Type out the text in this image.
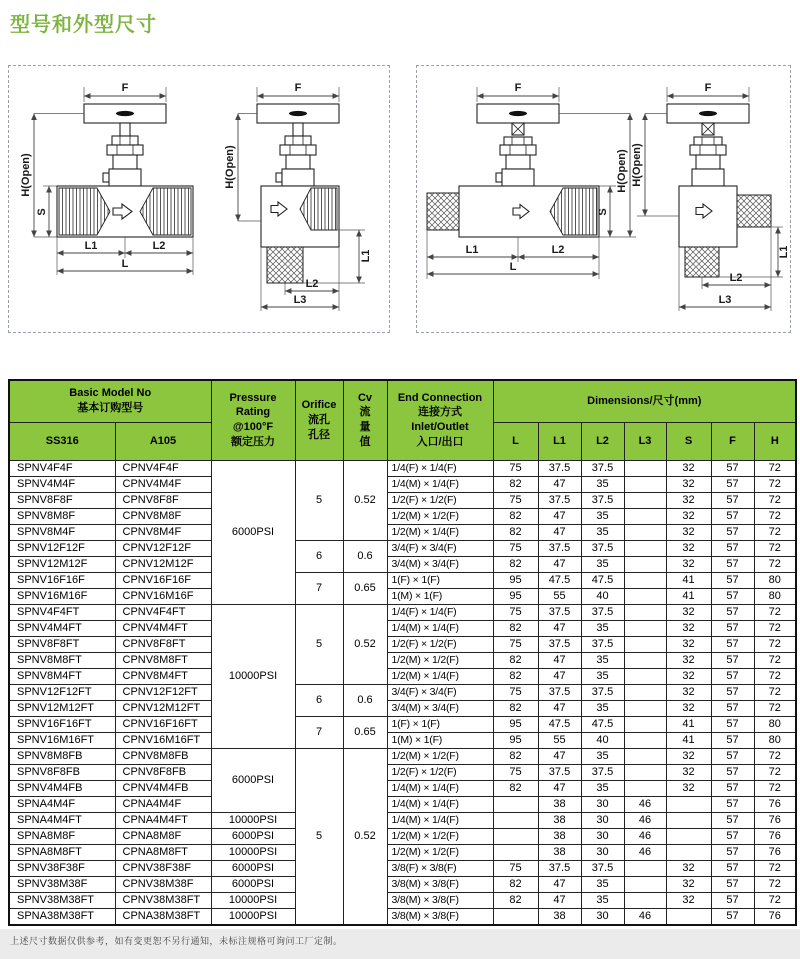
型号和外型尺寸
F
H(Open)
S
L1	L2
L
F
H(Open)
L1
L2
L3
F
S
H(Open)
L1	L2
L
F
H(Open)
L1
L2
L3
Basic Model No
基本订购型号

Pressure
Rating
@100°F
额定压力

Orifice
流孔
孔径

Cv
流
量
值

End Connection
连接方式
Inlet/Outlet
入口/出口
	Dimensions/尺寸(mm)
SS316	A105					L	L1	L2	L3	S	F	H
SPNV4F4F	CPNV4F4F	6000PSI	5	0.52	1/4(F) × 1/4(F)	75	37.5	37.5		32	57	72
SPNV4M4F	CPNV4M4F				1/4(M) × 1/4(F)	82	47	35		32	57	72
SPNV8F8F	CPNV8F8F				1/2(F) × 1/2(F)	75	37.5	37.5		32	57	72
SPNV8M8F	CPNV8M8F				1/2(M) × 1/2(F)	82	47	35		32	57	72
SPNV8M4F	CPNV8M4F				1/2(M) × 1/4(F)	82	47	35		32	57	72
SPNV12F12F	CPNV12F12F		6	0.6	3/4(F) × 3/4(F)	75	37.5	37.5		32	57	72
SPNV12M12F	CPNV12M12F				3/4(M) × 3/4(F)	82	47	35		32	57	72
SPNV16F16F	CPNV16F16F		7	0.65	1(F) × 1(F)	95	47.5	47.5		41	57	80
SPNV16M16F	CPNV16M16F				1(M) × 1(F)	95	55	40		41	57	80
SPNV4F4FT	CPNV4F4FT	10000PSI	5	0.52	1/4(F) × 1/4(F)	75	37.5	37.5		32	57	72
SPNV4M4FT	CPNV4M4FT				1/4(M) × 1/4(F)	82	47	35		32	57	72
SPNV8F8FT	CPNV8F8FT				1/2(F) × 1/2(F)	75	37.5	37.5		32	57	72
SPNV8M8FT	CPNV8M8FT				1/2(M) × 1/2(F)	82	47	35		32	57	72
SPNV8M4FT	CPNV8M4FT				1/2(M) × 1/4(F)	82	47	35		32	57	72
SPNV12F12FT	CPNV12F12FT		6	0.6	3/4(F) × 3/4(F)	75	37.5	37.5		32	57	72
SPNV12M12FT	CPNV12M12FT				3/4(M) × 3/4(F)	82	47	35		32	57	72
SPNV16F16FT	CPNV16F16FT		7	0.65	1(F) × 1(F)	95	47.5	47.5		41	57	80
SPNV16M16FT	CPNV16M16FT				1(M) × 1(F)	95	55	40		41	57	80
SPNV8M8FB	CPNV8M8FB	6000PSI	5	0.52	1/2(M) × 1/2(F)	82	47	35		32	57	72
SPNV8F8FB	CPNV8F8FB				1/2(F) × 1/2(F)	75	37.5	37.5		32	57	72
SPNV4M4FB	CPNV4M4FB				1/4(M) × 1/4(F)	82	47	35		32	57	72
SPNA4M4F	CPNA4M4F				1/4(M) × 1/4(F)		38	30	46		57	76
SPNA4M4FT	CPNA4M4FT	10000PSI			1/4(M) × 1/4(F)		38	30	46		57	76
SPNA8M8F	CPNA8M8F	6000PSI			1/2(M) × 1/2(F)		38	30	46		57	76
SPNA8M8FT	CPNA8M8FT	10000PSI			1/2(M) × 1/2(F)		38	30	46		57	76
SPNV38F38F	CPNV38F38F	6000PSI			3/8(F) × 3/8(F)	75	37.5	37.5		32	57	72
SPNV38M38F	CPNV38M38F	6000PSI			3/8(M) × 3/8(F)	82	47	35		32	57	72
SPNV38M38FT	CPNV38M38FT	10000PSI			3/8(M) × 3/8(F)	82	47	35		32	57	72
SPNA38M38FT	CPNA38M38FT	10000PSI			3/8(M) × 3/8(F)		38	30	46		57	76
上述尺寸数据仅供参考，如有变更恕不另行通知，未标注规格可询问工厂定制。
